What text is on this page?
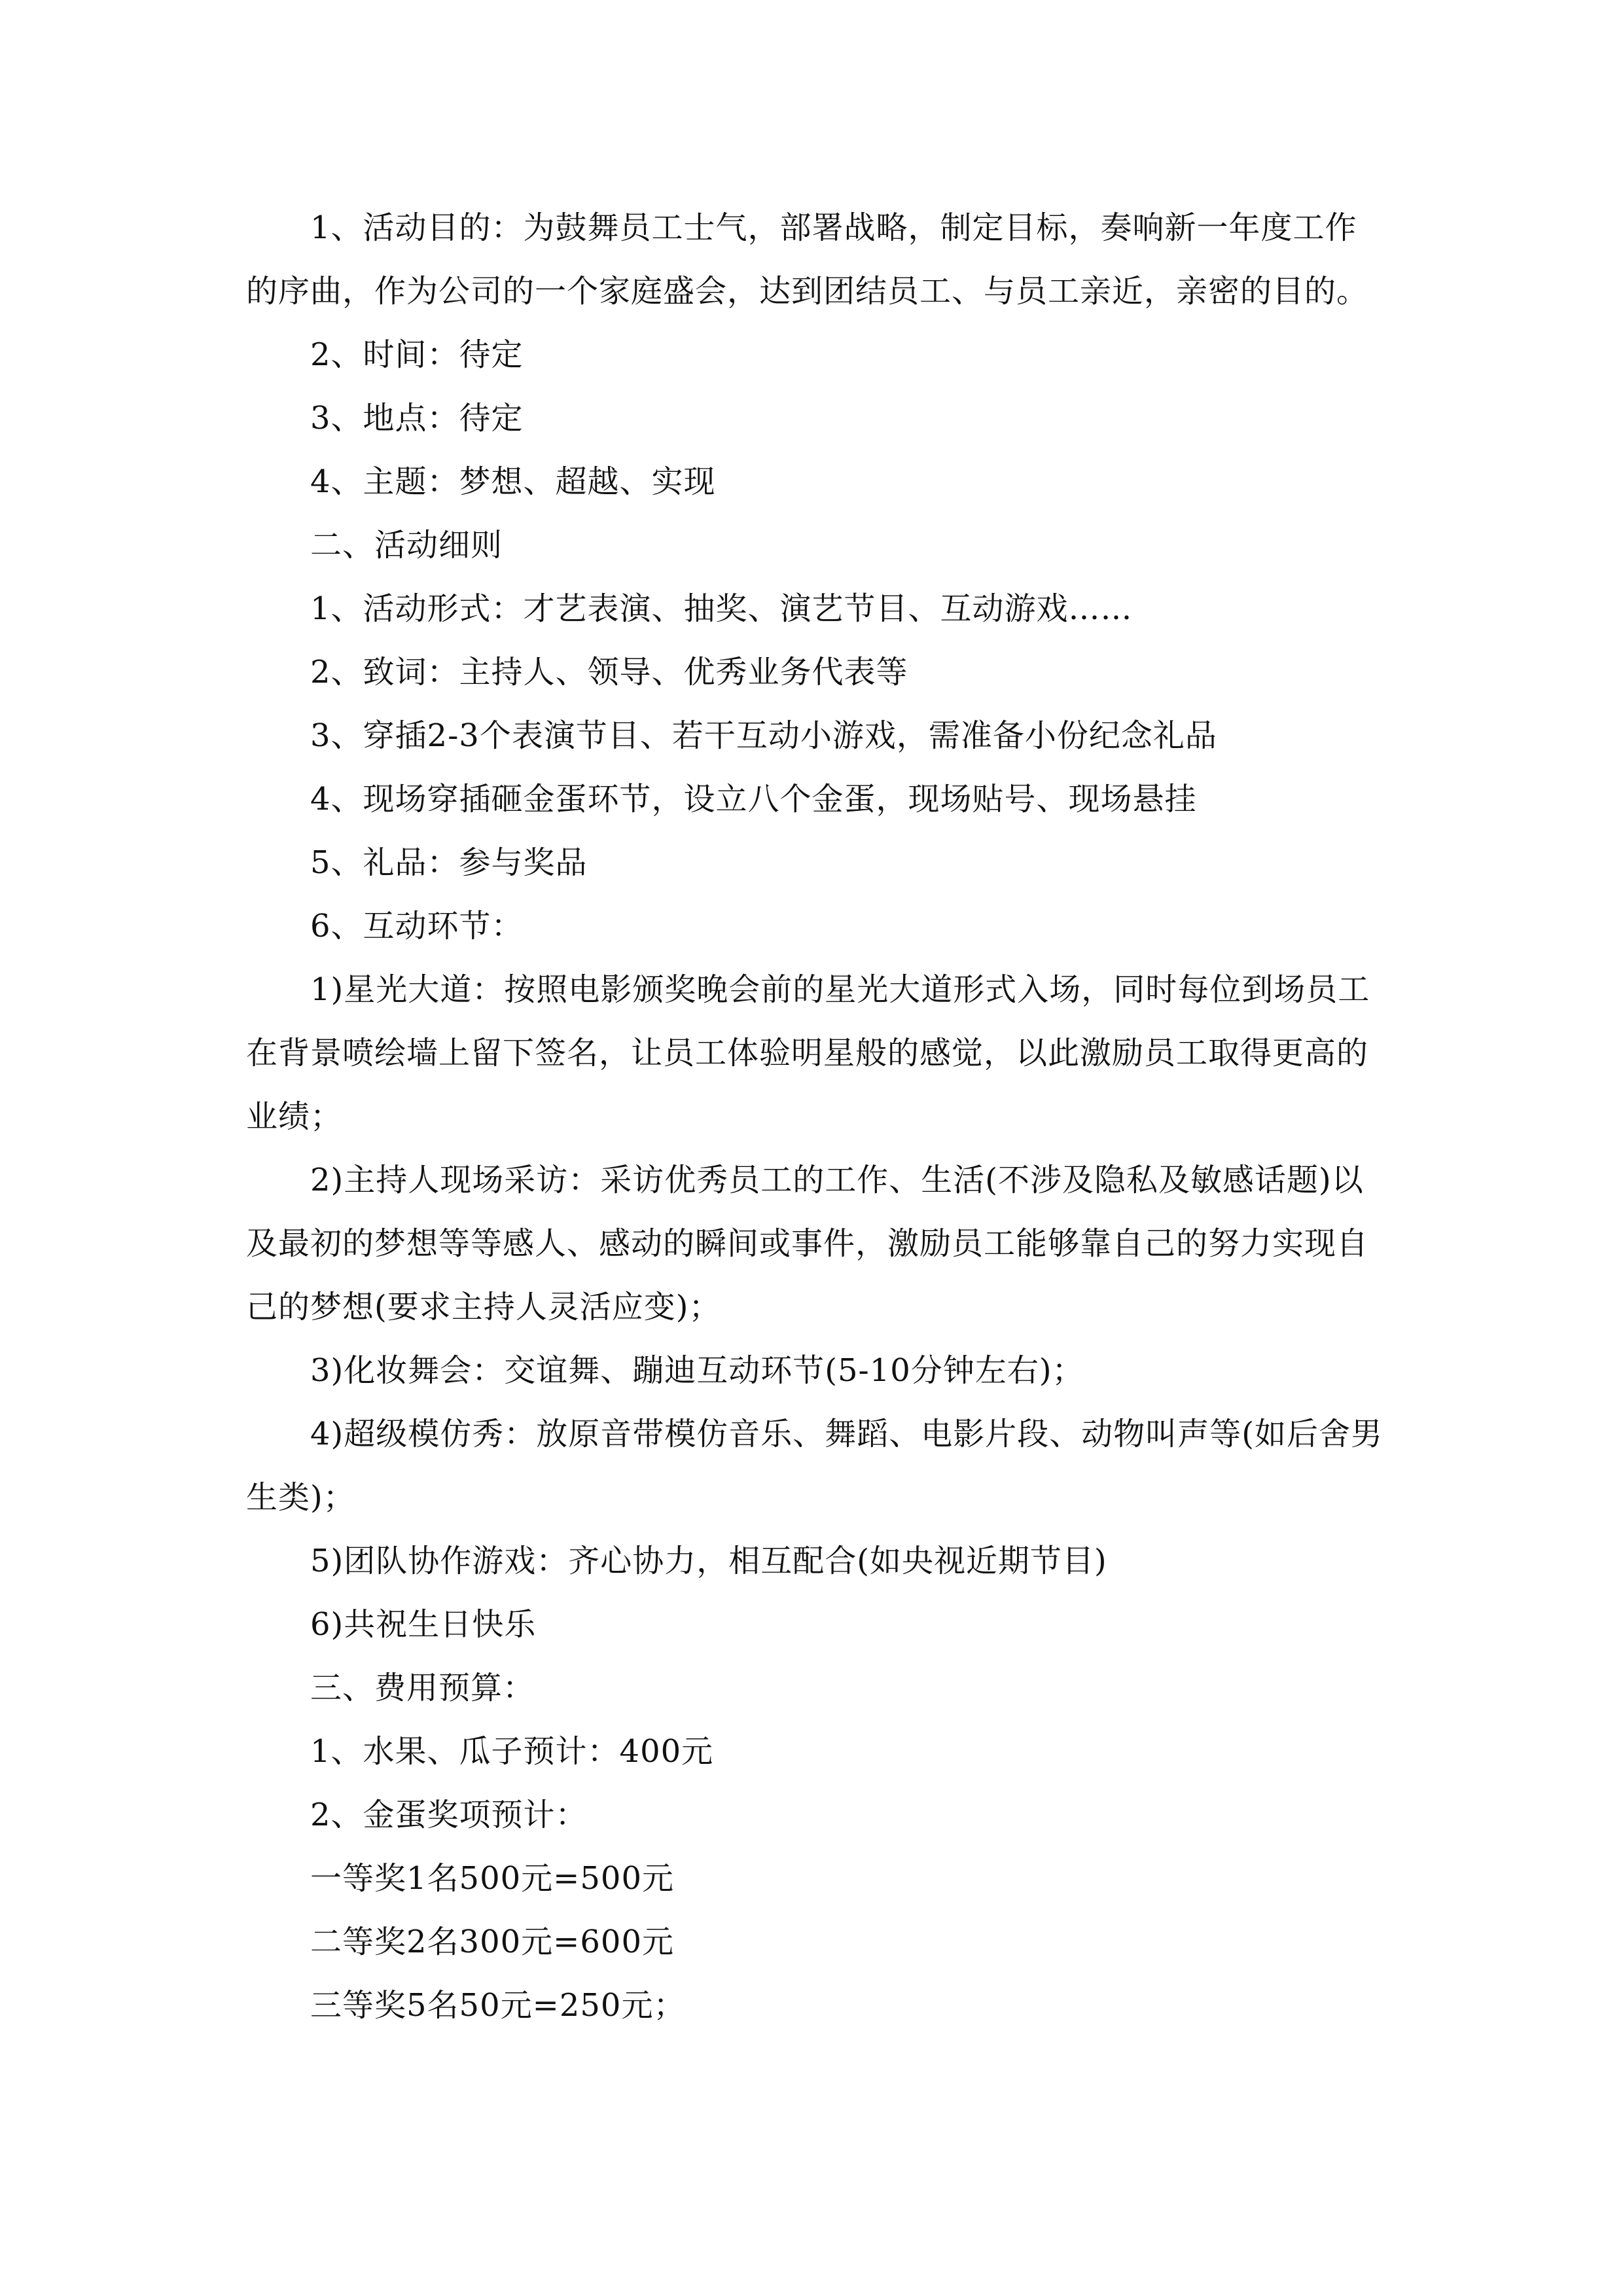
1、活动目的：为鼓舞员工士气，部署战略，制定目标，奏响新一年度工作的序曲，作为公司的一个家庭盛会，达到团结员工、与员工亲近，亲密的目的。

2、时间：待定

3、地点：待定

4、主题：梦想、超越、实现

二、活动细则

1、活动形式：才艺表演、抽奖、演艺节目、互动游戏……

2、致词：主持人、领导、优秀业务代表等

3、穿插2-3个表演节目、若干互动小游戏，需准备小份纪念礼品

4、现场穿插砸金蛋环节，设立八个金蛋，现场贴号、现场悬挂

5、礼品：参与奖品

6、互动环节：

1)星光大道：按照电影颁奖晚会前的星光大道形式入场，同时每位到场员工在背景喷绘墙上留下签名，让员工体验明星般的感觉，以此激励员工取得更高的业绩；

2)主持人现场采访：采访优秀员工的工作、生活(不涉及隐私及敏感话题)以及最初的梦想等等感人、感动的瞬间或事件，激励员工能够靠自己的努力实现自己的梦想(要求主持人灵活应变)；

3)化妆舞会：交谊舞、蹦迪互动环节(5-10分钟左右)；

4)超级模仿秀：放原音带模仿音乐、舞蹈、电影片段、动物叫声等(如后舍男生类)；

5)团队协作游戏：齐心协力，相互配合(如央视近期节目)

6)共祝生日快乐

三、费用预算：

1、水果、瓜子预计：400元

2、金蛋奖项预计：

一等奖1名500元=500元

二等奖2名300元=600元

三等奖5名50元=250元；
